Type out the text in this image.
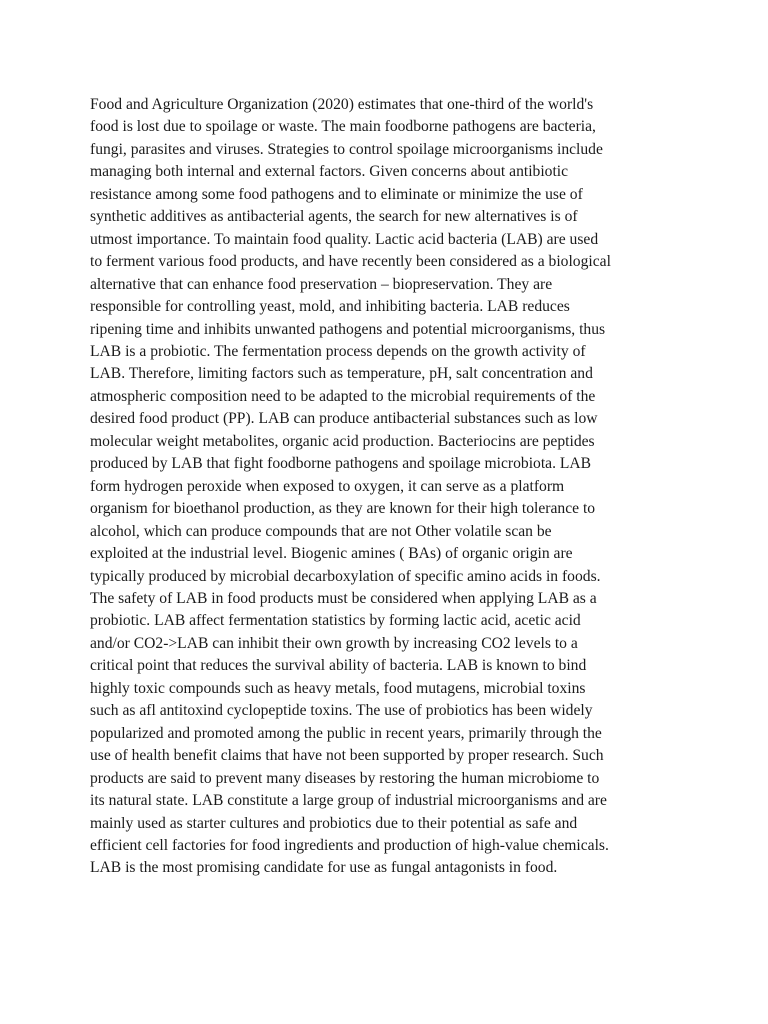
Food and Agriculture Organization (2020) estimates that one-third of the world's
food is lost due to spoilage or waste. The main foodborne pathogens are bacteria,
fungi, parasites and viruses. Strategies to control spoilage microorganisms include
managing both internal and external factors. Given concerns about antibiotic
resistance among some food pathogens and to eliminate or minimize the use of
synthetic additives as antibacterial agents, the search for new alternatives is of
utmost importance. To maintain food quality. Lactic acid bacteria (LAB) are used
to ferment various food products, and have recently been considered as a biological
alternative that can enhance food preservation – biopreservation. They are
responsible for controlling yeast, mold, and inhibiting bacteria. LAB reduces
ripening time and inhibits unwanted pathogens and potential microorganisms, thus
LAB is a probiotic. The fermentation process depends on the growth activity of
LAB. Therefore, limiting factors such as temperature, pH, salt concentration and
atmospheric composition need to be adapted to the microbial requirements of the
desired food product (PP). LAB can produce antibacterial substances such as low
molecular weight metabolites, organic acid production. Bacteriocins are peptides
produced by LAB that fight foodborne pathogens and spoilage microbiota. LAB
form hydrogen peroxide when exposed to oxygen, it can serve as a platform
organism for bioethanol production, as they are known for their high tolerance to
alcohol, which can produce compounds that are not Other volatile scan be
exploited at the industrial level. Biogenic amines ( BAs) of organic origin are
typically produced by microbial decarboxylation of specific amino acids in foods.
The safety of LAB in food products must be considered when applying LAB as a
probiotic. LAB affect fermentation statistics by forming lactic acid, acetic acid
and/or CO2->LAB can inhibit their own growth by increasing CO2 levels to a
critical point that reduces the survival ability of bacteria. LAB is known to bind
highly toxic compounds such as heavy metals, food mutagens, microbial toxins
such as afl antitoxind cyclopeptide toxins. The use of probiotics has been widely
popularized and promoted among the public in recent years, primarily through the
use of health benefit claims that have not been supported by proper research. Such
products are said to prevent many diseases by restoring the human microbiome to
its natural state. LAB constitute a large group of industrial microorganisms and are
mainly used as starter cultures and probiotics due to their potential as safe and
efficient cell factories for food ingredients and production of high-value chemicals.
LAB is the most promising candidate for use as fungal antagonists in food.
